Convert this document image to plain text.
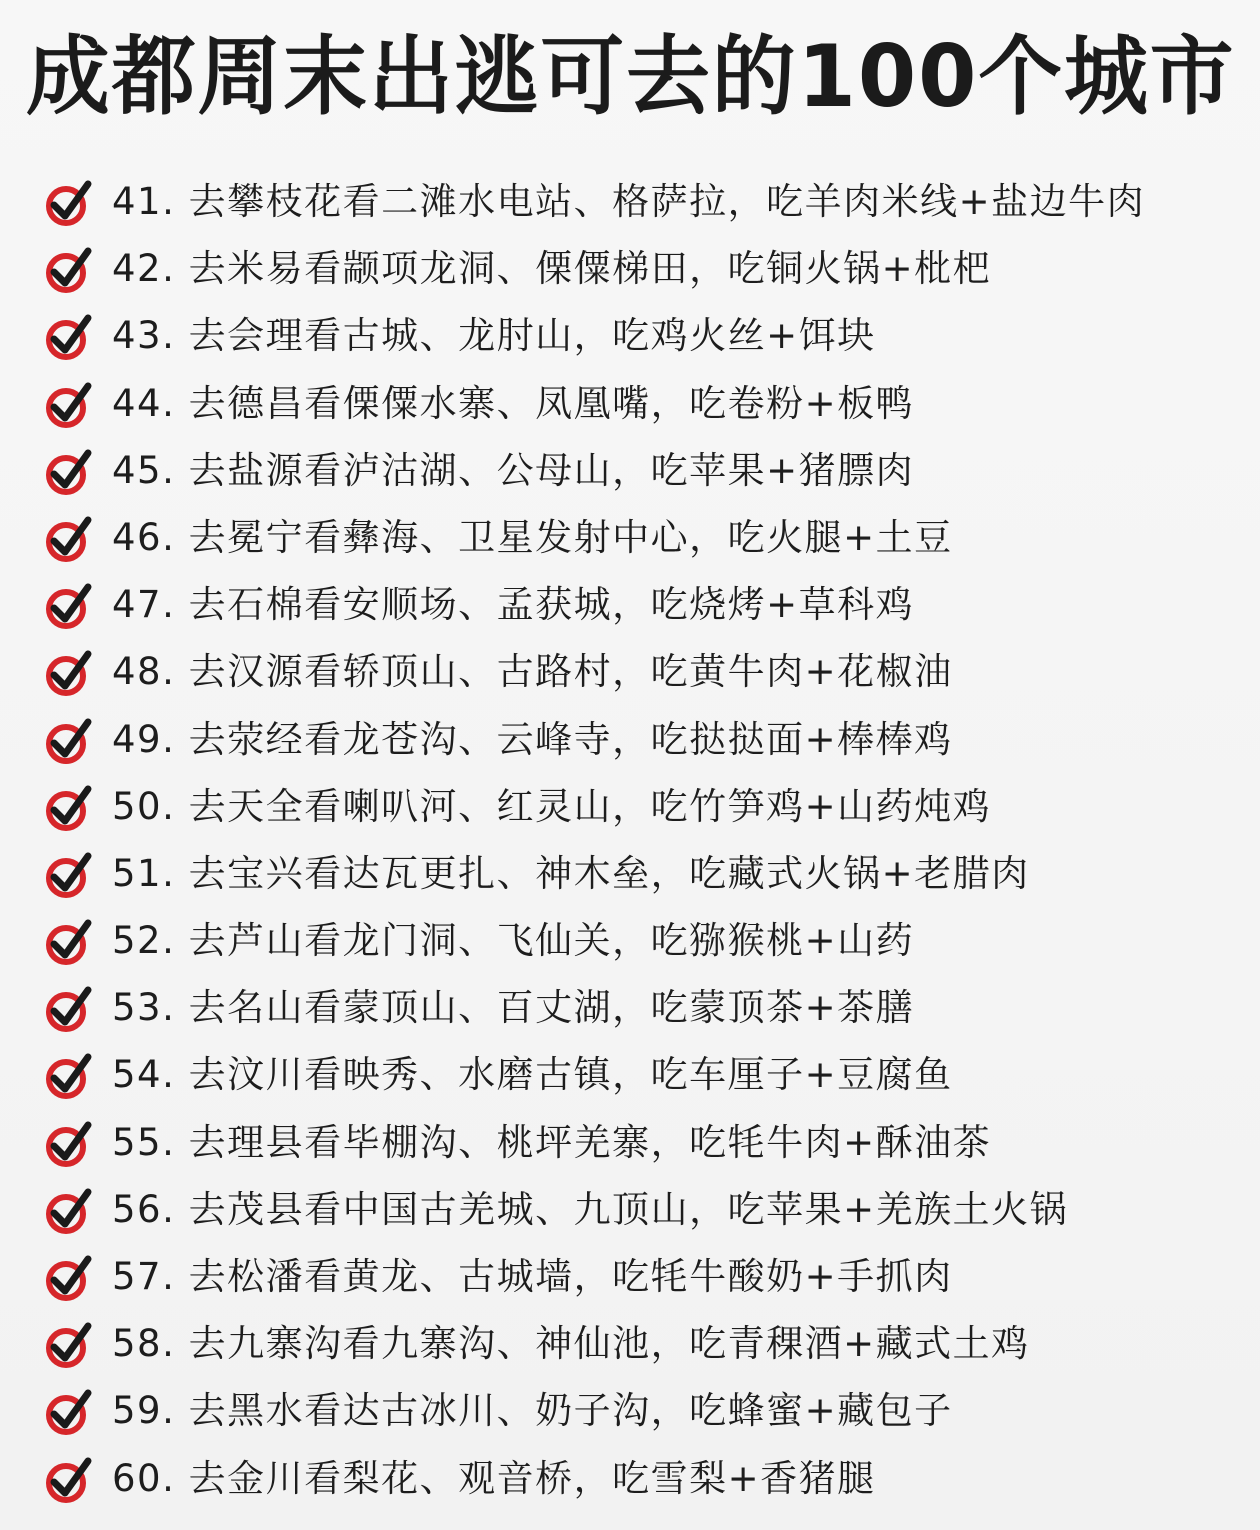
成都周末出逃可去的100个城市
41. 去攀枝花看二滩水电站、格萨拉，吃羊肉米线+盐边牛肉
42. 去米易看颛项龙洞、傈僳梯田，吃铜火锅+枇杷
43. 去会理看古城、龙肘山，吃鸡火丝+饵块
44. 去德昌看傈僳水寨、凤凰嘴，吃卷粉+板鸭
45. 去盐源看泸沽湖、公母山，吃苹果+猪膘肉
46. 去冕宁看彝海、卫星发射中心，吃火腿+土豆
47. 去石棉看安顺场、孟获城，吃烧烤+草科鸡
48. 去汉源看轿顶山、古路村，吃黄牛肉+花椒油
49. 去荥经看龙苍沟、云峰寺，吃挞挞面+棒棒鸡
50. 去天全看喇叭河、红灵山，吃竹笋鸡+山药炖鸡
51. 去宝兴看达瓦更扎、神木垒，吃藏式火锅+老腊肉
52. 去芦山看龙门洞、飞仙关，吃猕猴桃+山药
53. 去名山看蒙顶山、百丈湖，吃蒙顶茶+茶膳
54. 去汶川看映秀、水磨古镇，吃车厘子+豆腐鱼
55. 去理县看毕棚沟、桃坪羌寨，吃牦牛肉+酥油茶
56. 去茂县看中国古羌城、九顶山，吃苹果+羌族土火锅
57. 去松潘看黄龙、古城墙，吃牦牛酸奶+手抓肉
58. 去九寨沟看九寨沟、神仙池，吃青稞酒+藏式土鸡
59. 去黑水看达古冰川、奶子沟，吃蜂蜜+藏包子
60. 去金川看梨花、观音桥，吃雪梨+香猪腿
